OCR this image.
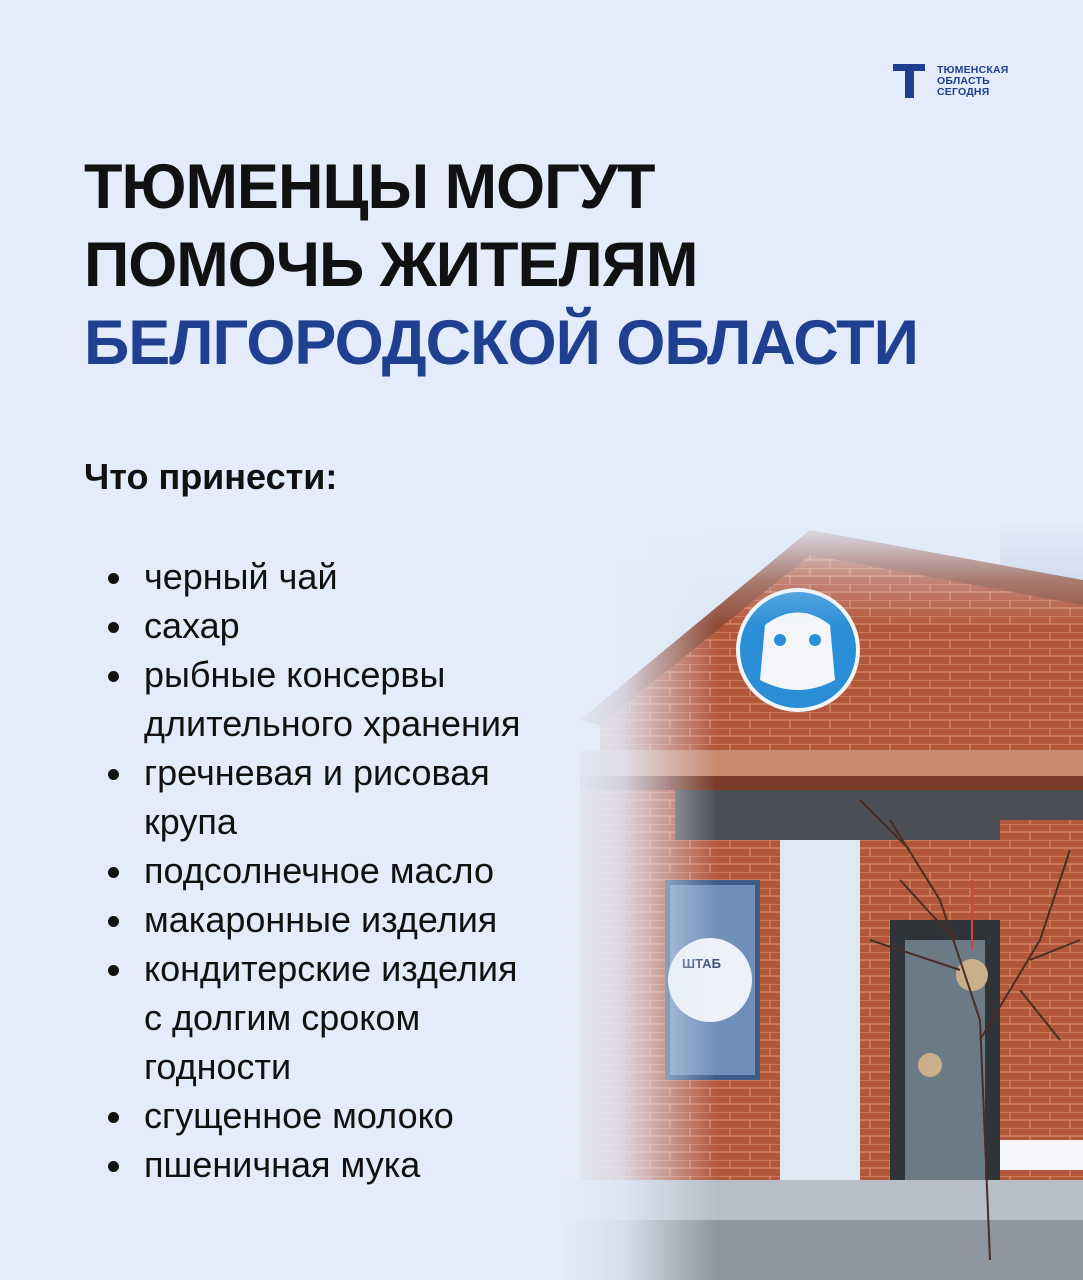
ТЮМЕНСКАЯ
ОБЛАСТЬ
СЕГОДНЯ
ТЮМЕНЦЫ МОГУТ
ПОМОЧЬ ЖИТЕЛЯМ
БЕЛГОРОДСКОЙ ОБЛАСТИ
Что принести:
черный чай
сахар
рыбные консервы
длительного хранения
гречневая и рисовая
крупа
подсолнечное масло
макаронные изделия
кондитерские изделия
с долгим сроком
годности
сгущенное молоко
пшеничная мука
